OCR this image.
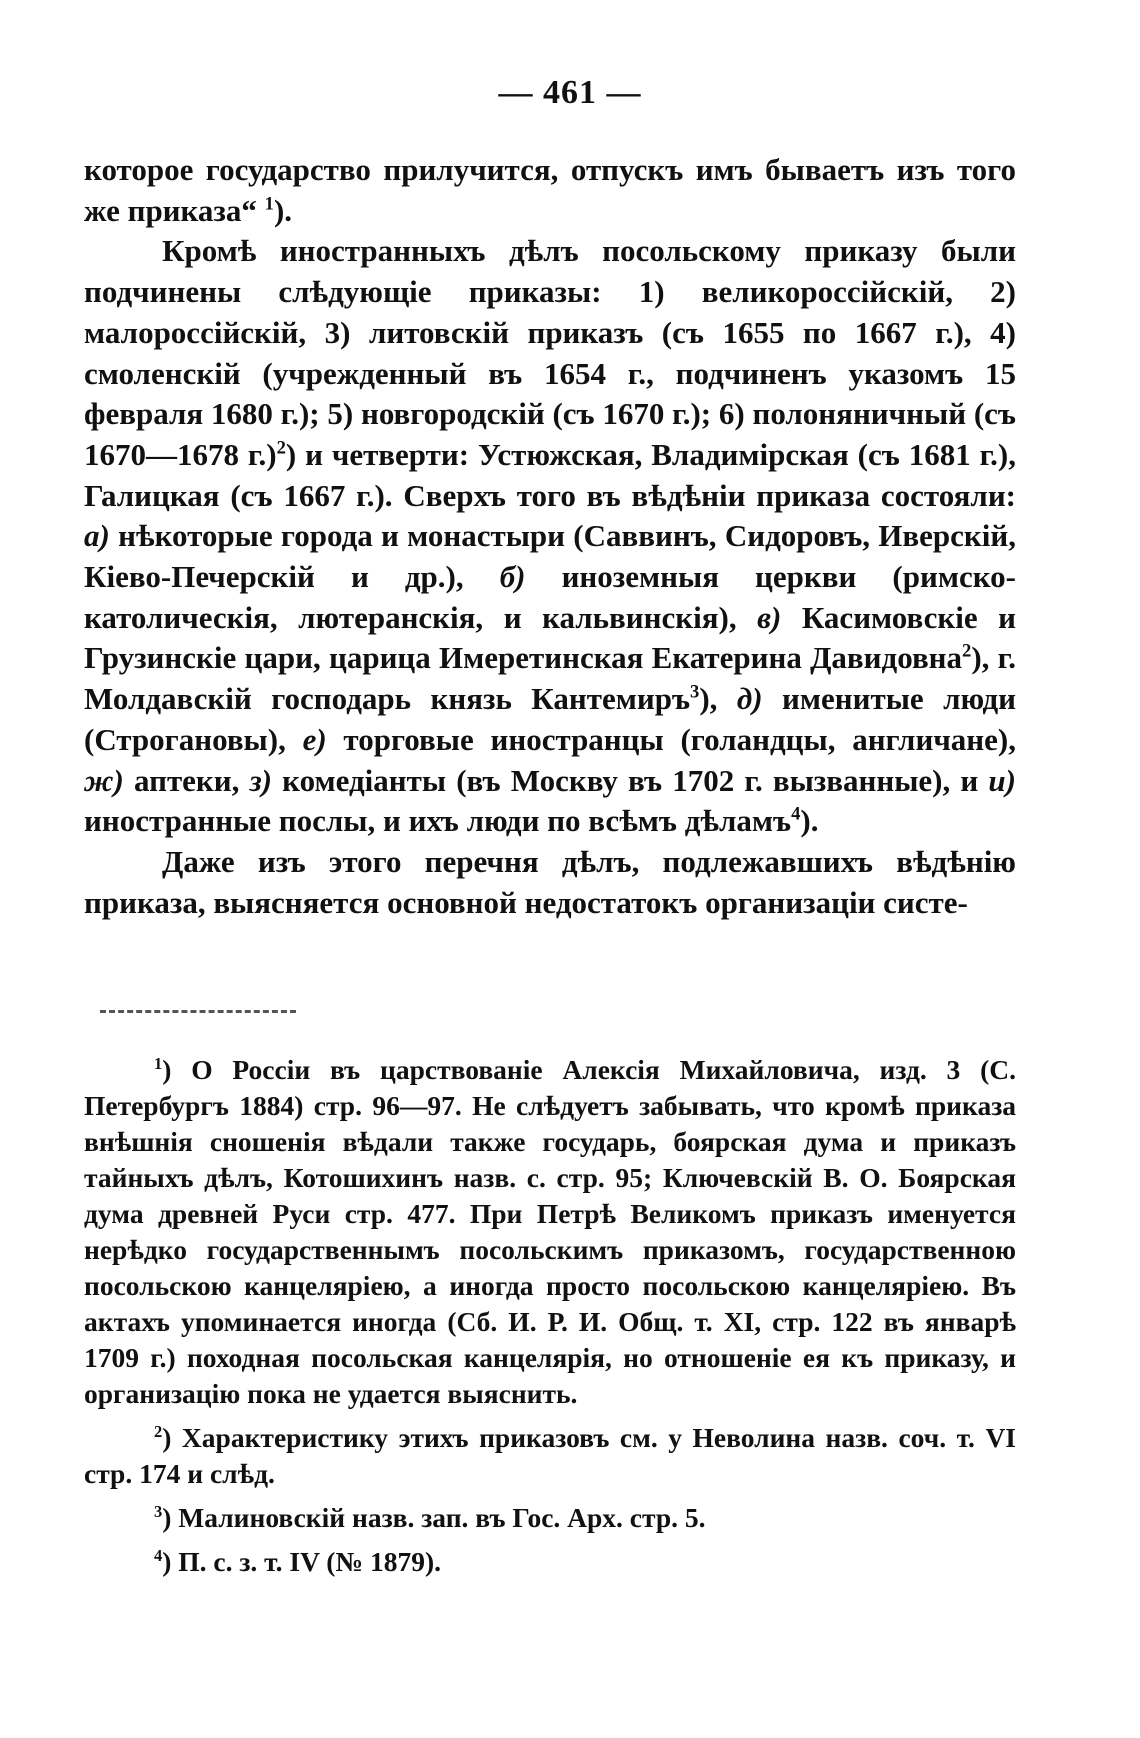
— 461 —

которое государство прилучится, отпускъ имъ бываетъ изъ того же приказа“ $^1$).

Кромѣ иностранныхъ дѣлъ посольскому приказу были подчинены слѣдующіе приказы: 1) великороссійскій, 2) малороссійскій, 3) литовскій приказъ (съ 1655 по 1667 г.), 4) смоленскій (учрежденный въ 1654 г., подчиненъ указомъ 15 февраля 1680 г.); 5) новгородскій (съ 1670 г.); 6) полоняничный (съ 1670—1678 г.)$^2$) и четверти: Устюжская, Владимірская (съ 1681 г.), Галицкая (съ 1667 г.). Сверхъ того въ вѣдѣніи приказа состояли: а) нѣкоторые города и монастыри (Саввинъ, Сидоровъ, Иверскій, Кіево-Печерскій и др.), б) иноземныя церкви (римско-католическія, лютеранскія, и кальвинскія), в) Касимовскіе и Грузинскіе цари, царица Имеретинская Екатерина Давидовна$^2$), г. Молдавскій господарь князь Кантемиръ$^3$), д) именитые люди (Строгановы), е) торговые иностранцы (голандцы, англичане), ж) аптеки, з) комедіанты (въ Москву въ 1702 г. вызванные), и и) иностранные послы, и ихъ люди по всѣмъ дѣламъ$^4$).

Даже изъ этого перечня дѣлъ, подлежавшихъ вѣдѣнію приказа, выясняется основной недостатокъ организаціи систе-

$^1$) О Россіи въ царствованіе Алексія Михайловича, изд. 3 (С. Петербургъ 1884) стр. 96—97. Не слѣдуетъ забывать, что кромѣ приказа внѣшнія сношенія вѣдали также государь, боярская дума и приказъ тайныхъ дѣлъ, Котошихинъ назв. с. стр. 95; Ключевскій В. О. Боярская дума древней Руси стр. 477. При Петрѣ Великомъ приказъ именуется нерѣдко государственнымъ посольскимъ приказомъ, государственною посольскою канцеляріею, а иногда просто посольскою канцеляріею. Въ актахъ упоминается иногда (Сб. И. Р. И. Общ. т. XI, стр. 122 въ январѣ 1709 г.) походная посольская канцелярія, но отношеніе ея къ приказу, и организацію пока не удается выяснить.

$^2$) Характеристику этихъ приказовъ см. у Неволина назв. соч. т. VI стр. 174 и слѣд.

$^3$) Малиновскій назв. зап. въ Гос. Арх. стр. 5.

$^4$) П. с. з. т. IV (№ 1879).
